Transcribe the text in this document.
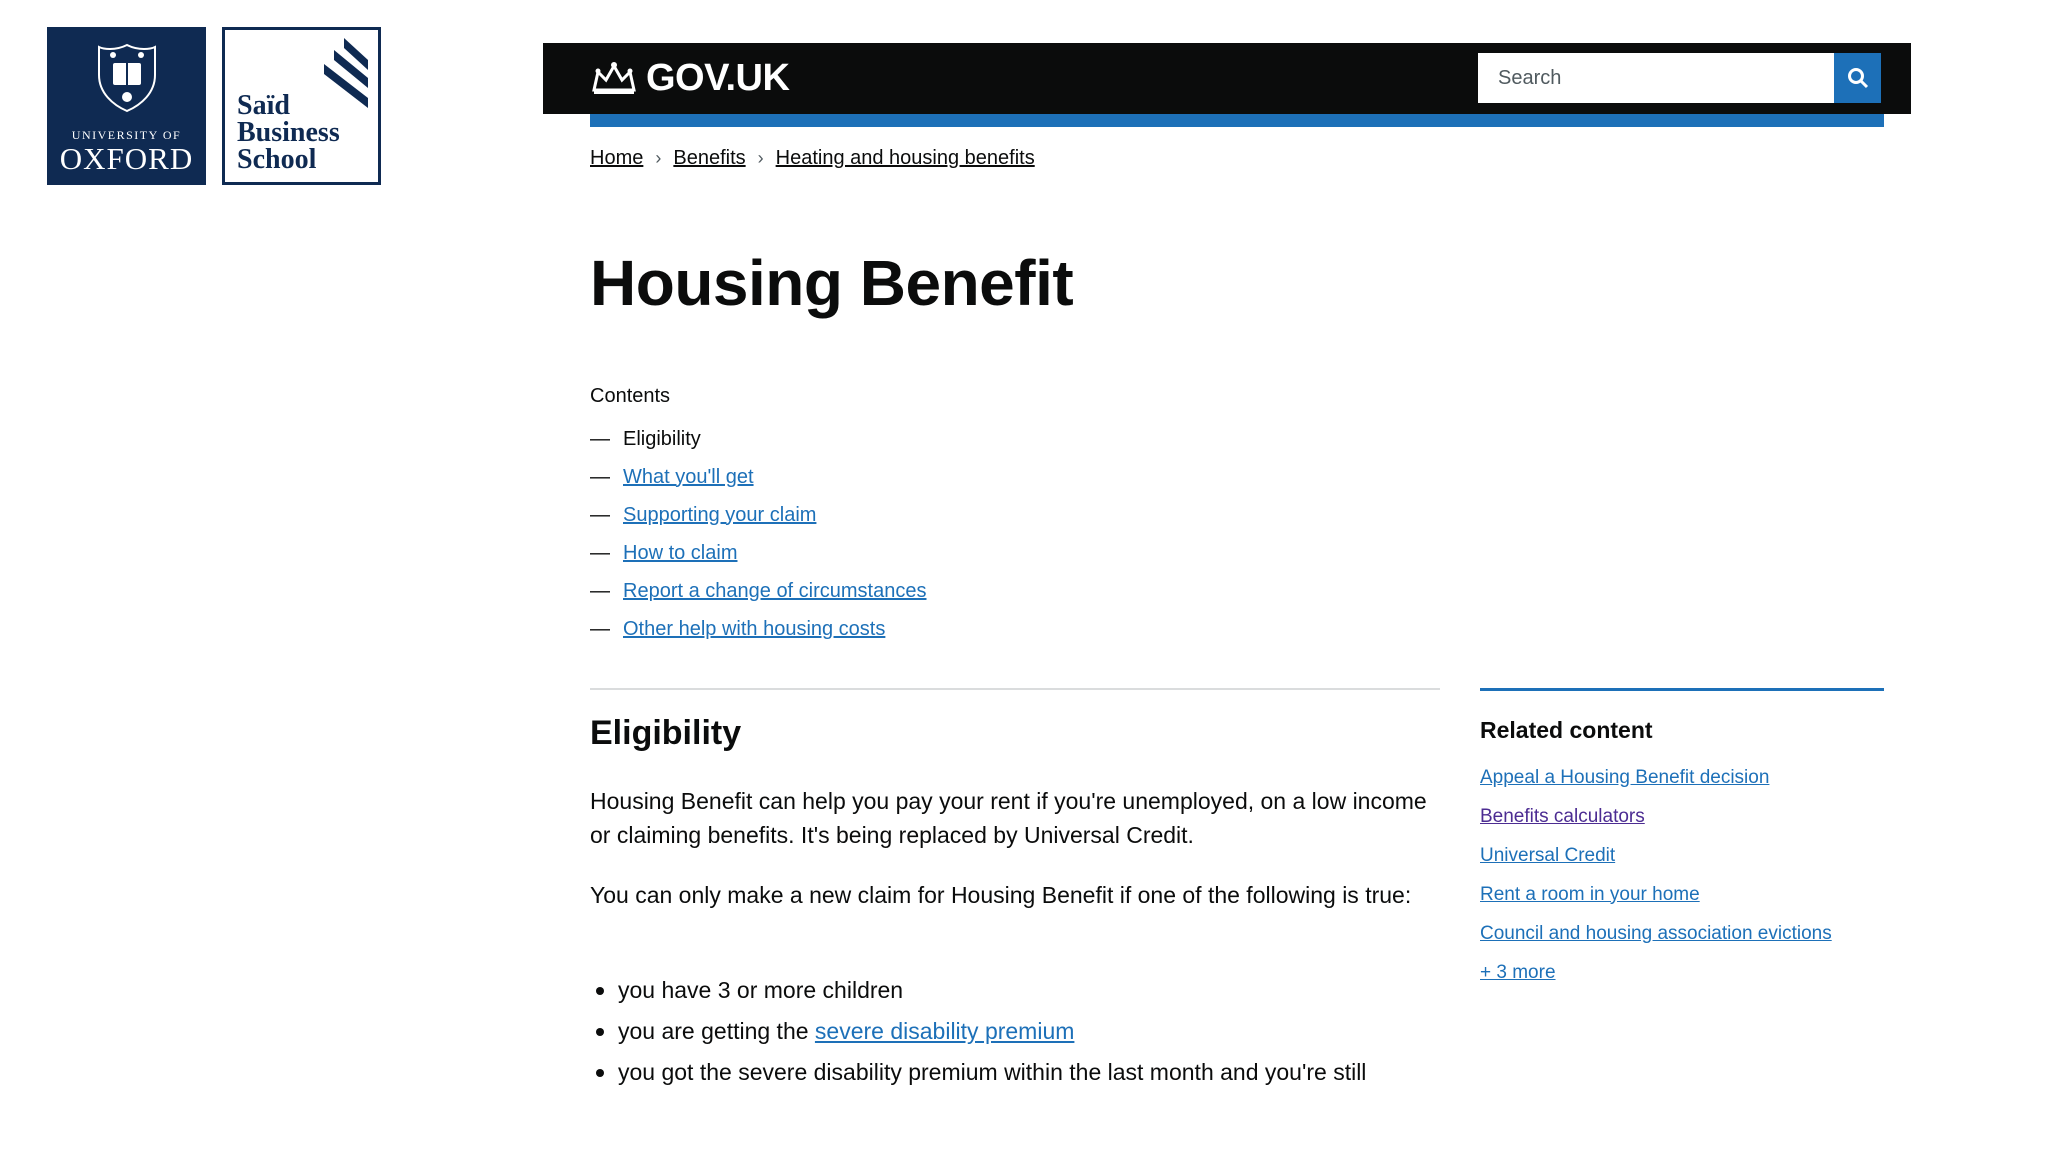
UNIVERSITY OF
OXFORD
Saïd
Business
School
GOV.UK
Search
Home › Benefits › Heating and housing benefits
Housing Benefit
Contents
— Eligibility
— What you'll get
— Supporting your claim
— How to claim
— Report a change of circumstances
— Other help with housing costs
Eligibility

Housing Benefit can help you pay your rent if you're unemployed, on a low income or claiming benefits. It's being replaced by Universal Credit.

You can only make a new claim for Housing Benefit if one of the following is true:

you have 3 or more children
you are getting the severe disability premium
you got the severe disability premium within the last month and you're still
Related content
Appeal a Housing Benefit decision
Benefits calculators
Universal Credit
Rent a room in your home
Council and housing association evictions
+ 3 more
